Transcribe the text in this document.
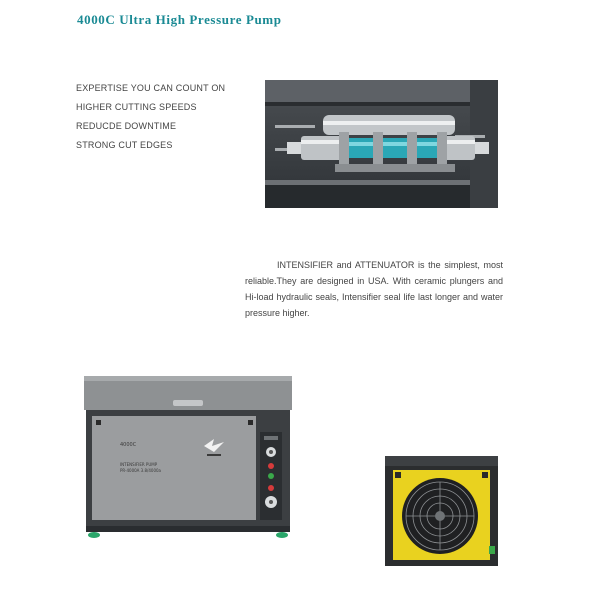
4000C Ultra High Pressure Pump
EXPERTISE YOU CAN COUNT ON
HIGHER CUTTING SPEEDS
REDUCDE DOWNTIME
STRONG CUT EDGES

INTENSIFIER and ATTENUATOR is the simplest, most reliable.They are designed in USA. With ceramic plungers and Hi-load hydraulic seals, Intensifier seal life last longer and water pressure higher.

4000C
INTENSIFIER PUMP
PR-4000A 3.8/4000a
